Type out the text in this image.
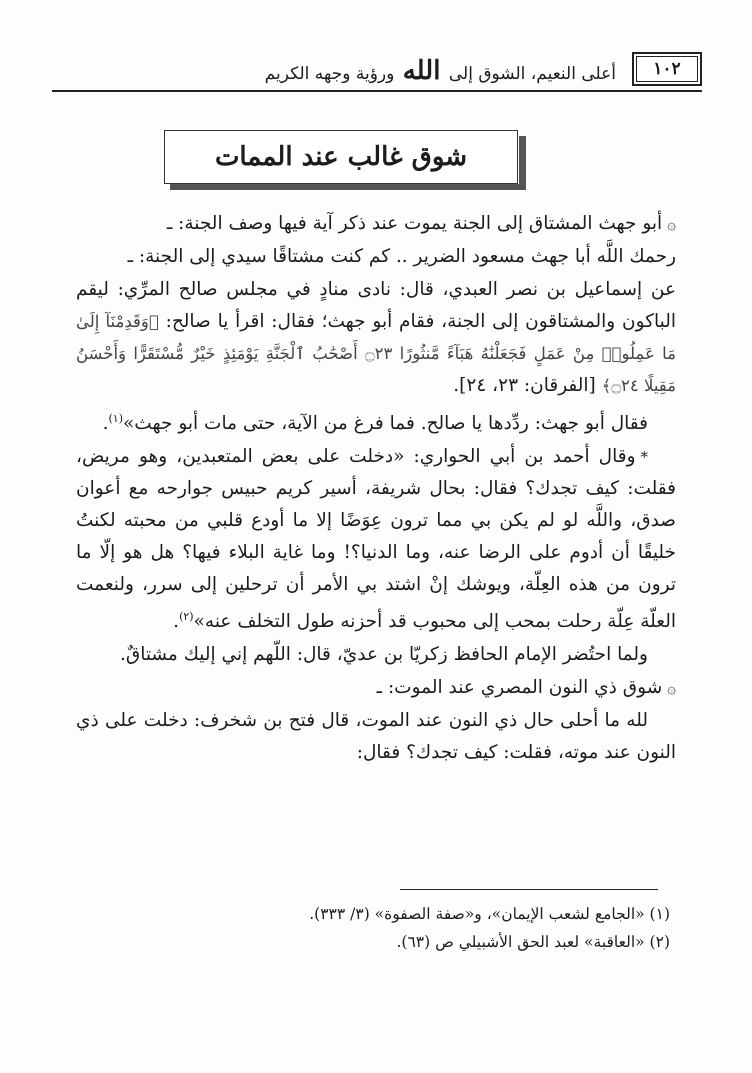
١٠٢
أعلى النعيم، الشوق إلى الله ورؤية وجهه الكريم
شوق غالب عند الممات

۞أبو جهث المشتاق إلى الجنة يموت عند ذكر آية فيها وصف الجنة: ـ

رحمك اللَّه أبا جهث مسعود الضرير .. كم كنت مشتاقًا سيدي إلى الجنة: ـ

عن إسماعيل بن نصر العبدي، قال: نادى منادٍ في مجلس صالح المرِّي: ليقم الباكون والمشتاقون إلى الجنة، فقام أبو جهث؛ فقال: اقرأ يا صالح: ﴿وَقَدِمْنَآ إِلَىٰ مَا عَمِلُوا۟ مِنْ عَمَلٍ فَجَعَلْنَٰهُ هَبَآءً مَّنثُورًا ۝٢٣ أَصْحَٰبُ ٱلْجَنَّةِ يَوْمَئِذٍ خَيْرٌ مُّسْتَقَرًّا وَأَحْسَنُ مَقِيلًا ۝٢٤﴾ [الفرقان: ٢٣، ٢٤].

فقال أبو جهث: ردِّدها يا صالح. فما فرغ من الآية، حتى مات أبو جهث»$^{(١)}$.

*وقال أحمد بن أبي الحواري: «دخلت على بعض المتعبدين، وهو مريض، فقلت: كيف تجدك؟ فقال: بحال شريفة، أسير كريم حبيس جوارحه مع أعوان صدق، واللَّه لو لم يكن بي مما ترون عِوَضًا إلا ما أودع قلبي من محبته لكنتُ خليقًا أن أدوم على الرضا عنه، وما الدنيا؟! وما غاية البلاء فيها؟ هل هو إلّا ما ترون من هذه العِلّة، ويوشك إنْ اشتد بي الأمر أن ترحلين إلى سرر، ولنعمت العلّة عِلّة رحلت بمحب إلى محبوب قد أحزنه طول التخلف عنه»$^{(٢)}$.

ولما احتُضر الإمام الحافظ زكريّا بن عديّ، قال: اللّهم إني إليك مشتاقٌ.

۞شوق ذي النون المصري عند الموت: ـ

لله ما أحلى حال ذي النون عند الموت، قال فتح بن شخرف: دخلت على ذي النون عند موته، فقلت: كيف تجدك؟ فقال:

(١) «الجامع لشعب الإيمان»، و«صفة الصفوة» (٣/ ٣٣٣).
(٢) «العاقبة» لعبد الحق الأشبيلي ص (٦٣).
